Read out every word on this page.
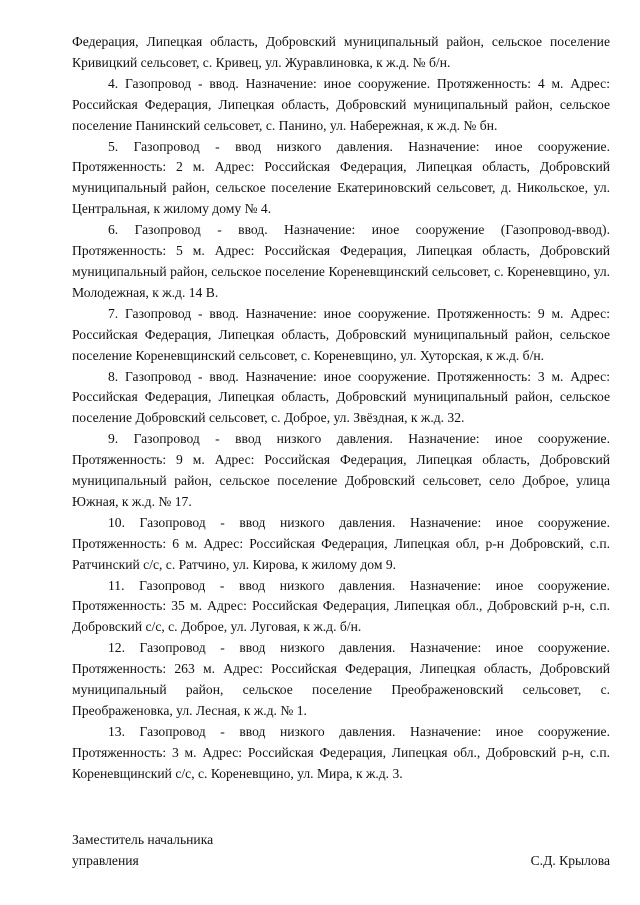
Федерация, Липецкая область, Добровский муниципальный район, сельское поселение Кривицкий сельсовет, с. Кривец, ул. Журавлиновка, к ж.д. № б/н.

4. Газопровод - ввод. Назначение: иное сооружение. Протяженность: 4 м. Адрес: Российская Федерация, Липецкая область, Добровский муниципальный район, сельское поселение Панинский сельсовет, с. Панино, ул. Набережная, к ж.д. № бн.

5. Газопровод - ввод низкого давления. Назначение: иное сооружение. Протяженность: 2 м. Адрес: Российская Федерация, Липецкая область, Добровский муниципальный район, сельское поселение Екатериновский сельсовет, д. Никольское, ул. Центральная, к жилому дому № 4.

6. Газопровод - ввод. Назначение: иное сооружение (Газопровод-ввод). Протяженность: 5 м. Адрес: Российская Федерация, Липецкая область, Добровский муниципальный район, сельское поселение Кореневщинский сельсовет, с. Кореневщино, ул. Молодежная, к ж.д. 14 В.

7. Газопровод - ввод. Назначение: иное сооружение. Протяженность: 9 м. Адрес: Российская Федерация, Липецкая область, Добровский муниципальный район, сельское поселение Кореневщинский сельсовет, с. Кореневщино, ул. Хуторская, к ж.д. б/н.

8. Газопровод - ввод. Назначение: иное сооружение. Протяженность: 3 м. Адрес: Российская Федерация, Липецкая область, Добровский муниципальный район, сельское поселение Добровский сельсовет, с. Доброе, ул. Звёздная, к ж.д. 32.

9. Газопровод - ввод низкого давления. Назначение: иное сооружение. Протяженность: 9 м. Адрес: Российская Федерация, Липецкая область, Добровский муниципальный район, сельское поселение Добровский сельсовет, село Доброе, улица Южная, к ж.д. № 17.

10. Газопровод - ввод низкого давления. Назначение: иное сооружение. Протяженность: 6 м. Адрес: Российская Федерация, Липецкая обл, р-н Добровский, с.п. Ратчинский с/с, с. Ратчино, ул. Кирова, к жилому дом 9.

11. Газопровод - ввод низкого давления. Назначение: иное сооружение. Протяженность: 35 м. Адрес: Российская Федерация, Липецкая обл., Добровский р-н, с.п. Добровский с/с, с. Доброе, ул. Луговая, к ж.д. б/н.

12. Газопровод - ввод низкого давления. Назначение: иное сооружение. Протяженность: 263 м. Адрес: Российская Федерация, Липецкая область, Добровский муниципальный район, сельское поселение Преображеновский сельсовет, с. Преображеновка, ул. Лесная, к ж.д. № 1.

13. Газопровод - ввод низкого давления. Назначение: иное сооружение. Протяженность: 3 м. Адрес: Российская Федерация, Липецкая обл., Добровский р-н, с.п. Кореневщинский с/с, с. Кореневщино, ул. Мира, к ж.д. 3.

Заместитель начальника
управления	С.Д. Крылова
